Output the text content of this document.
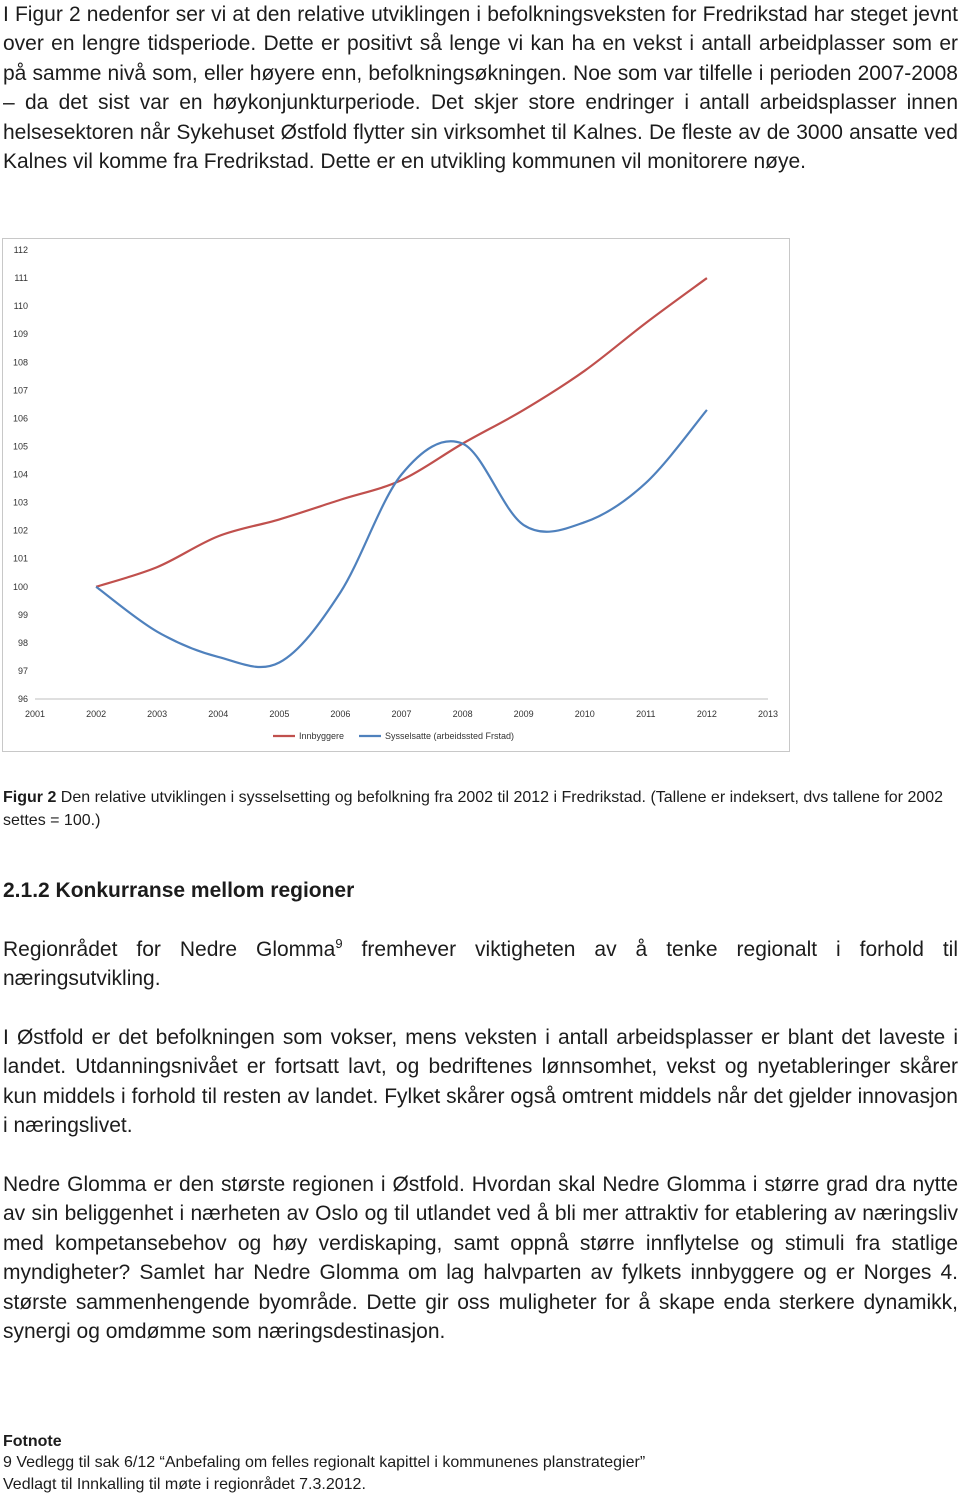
I Figur 2 nedenfor ser vi at den relative utviklingen i befolkningsveksten for Fredrikstad har steget jevnt over en lengre tidsperiode. Dette er positivt så lenge vi kan ha en vekst i antall arbeidplasser som er på samme nivå som, eller høyere enn, befolkningsøkningen. Noe som var tilfelle i perioden 2007-2008 – da det sist var en høykonjunkturperiode. Det skjer store endringer i antall arbeidsplasser innen helsesektoren når Sykehuset Østfold flytter sin virksomhet til Kalnes. De fleste av de 3000 ansatte ved Kalnes vil komme fra Fredrikstad. Dette er en utvikling kommunen vil monitorere nøye.

96
97
98
99
100
101
102
103
104
105
106
107
108
109
110
111
112
2001	2002	2003	2004	2005	2006	2007	2008	2009	2010	2011	2012	2013
Innbyggere	Sysselsatte (arbeidssted Frstad)

Figur 2 Den relative utviklingen i sysselsetting og befolkning fra 2002 til 2012 i Fredrikstad. (Tallene er indeksert, dvs tallene for 2002 settes = 100.)

2.1.2 Konkurranse mellom regioner

Regionrådet for Nedre Glomma$^9$ fremhever viktigheten av å tenke regionalt i forhold til næringsutvikling.

I Østfold er det befolkningen som vokser, mens veksten i antall arbeidsplasser er blant det laveste i landet. Utdanningsnivået er fortsatt lavt, og bedriftenes lønnsomhet, vekst og nyetableringer skårer kun middels i forhold til resten av landet. Fylket skårer også omtrent middels når det gjelder innovasjon i næringslivet.

Nedre Glomma er den største regionen i Østfold. Hvordan skal Nedre Glomma i større grad dra nytte av sin beliggenhet i nærheten av Oslo og til utlandet ved å bli mer attraktiv for etablering av næringsliv med kompetansebehov og høy verdiskaping, samt oppnå større innflytelse og stimuli fra statlige myndigheter? Samlet har Nedre Glomma om lag halvparten av fylkets innbyggere og er Norges 4. største sammenhengende byområde. Dette gir oss muligheter for å skape enda sterkere dynamikk, synergi og omdømme som næringsdestinasjon.

Fotnote

9 Vedlegg til sak 6/12 “Anbefaling om felles regionalt kapittel i kommunenes planstrategier”

Vedlagt til Innkalling til møte i regionrådet 7.3.2012.
